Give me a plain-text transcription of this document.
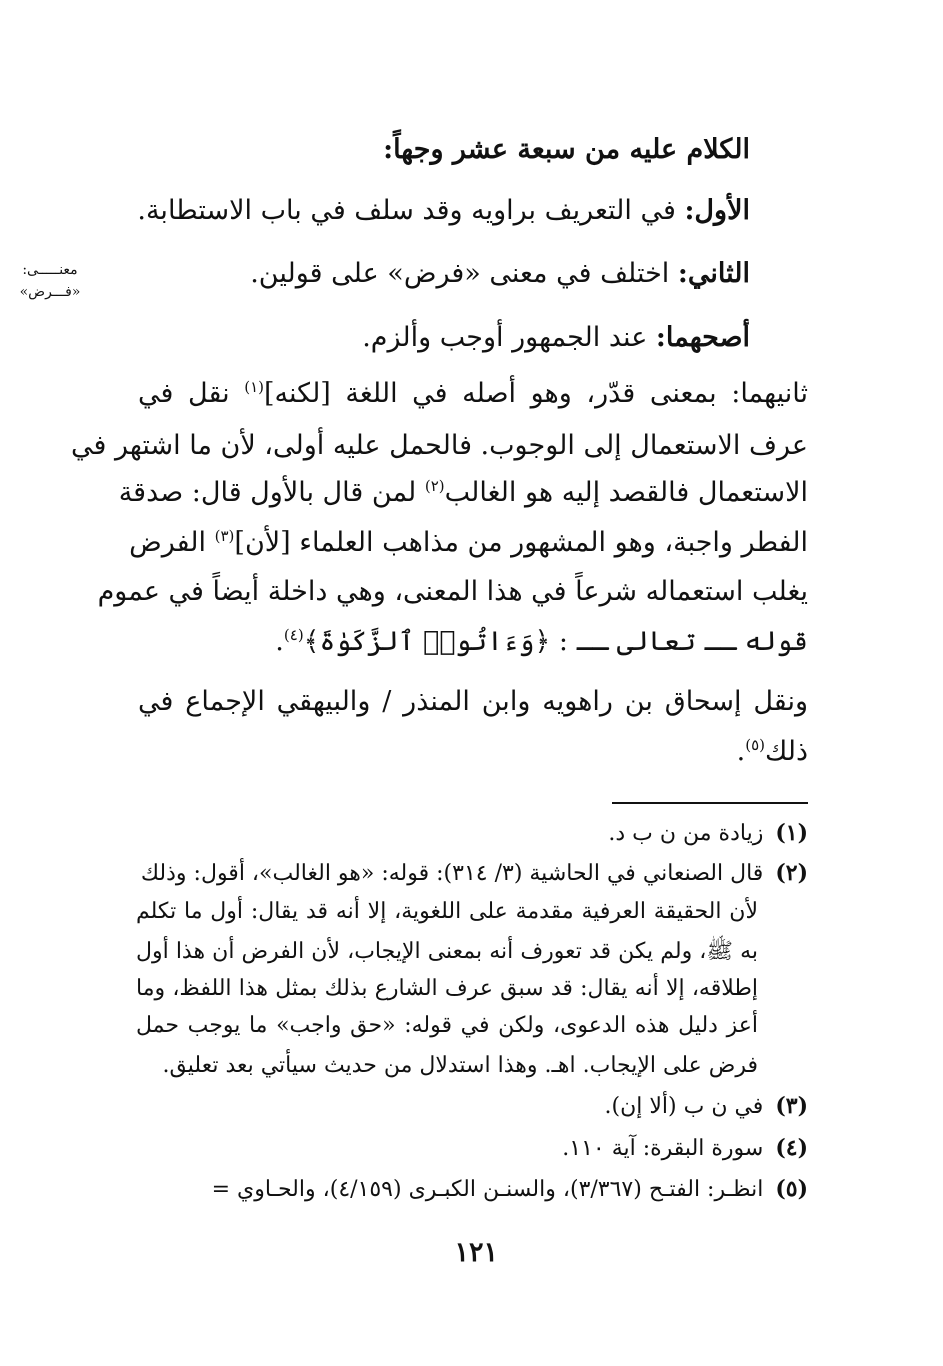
معنـــــى:
«فـــرض»
الكلام عليه من سبعة عشر وجهاً:
الأول: في التعريف براويه وقد سلف في باب الاستطابة.
الثاني: اختلف في معنى «فرض» على قولين.
أصحهما: عند الجمهور أوجب وألزم.
ثانيهما: بمعنى قدّر، وهو أصله في اللغة [لكنه]$^{(١)}$ نقل في
عرف الاستعمال إلى الوجوب. فالحمل عليه أولى، لأن ما اشتهر في
الاستعمال فالقصد إليه هو الغالب$^{(٢)}$ لمن قال بالأول قال: صدقة
الفطر واجبة، وهو المشهور من مذاهب العلماء [لأن]$^{(٣)}$ الفرض
يغلب استعماله شرعاً في هذا المعنى، وهي داخلة أيضاً في عموم
قوله ــ تعالى ــ : ﴿وَءَاتُوا۟ ٱلزَّكَوٰةَ﴾$^{(٤)}$.
ونقل إسحاق بن راهويه وابن المنذر / والبيهقي الإجماع في
ذلك$^{(٥)}$.
(١)زيادة من ن ب د.
(٢)قال الصنعاني في الحاشية (٣/ ٣١٤): قوله: «هو الغالب»، أقول: وذلك
لأن الحقيقة العرفية مقدمة على اللغوية، إلا أنه قد يقال: أول ما تكلم
به ﷺ، ولم يكن قد تعورف أنه بمعنى الإيجاب، لأن الفرض أن هذا أول
إطلاقه، إلا أنه يقال: قد سبق عرف الشارع بذلك بمثل هذا اللفظ، وما
أعز دليل هذه الدعوى، ولكن في قوله: «حق واجب» ما يوجب حمل
فرض على الإيجاب. اهـ. وهذا استدلال من حديث سيأتي بعد تعليق.
(٣)في ن ب (ألا إن).
(٤)سورة البقرة: آية ١١٠.
(٥)انظـر: الفتـح (٣/٣٦٧)، والسنـن الكبـرى (٤/١٥٩)، والحـاوي =
١٢١
